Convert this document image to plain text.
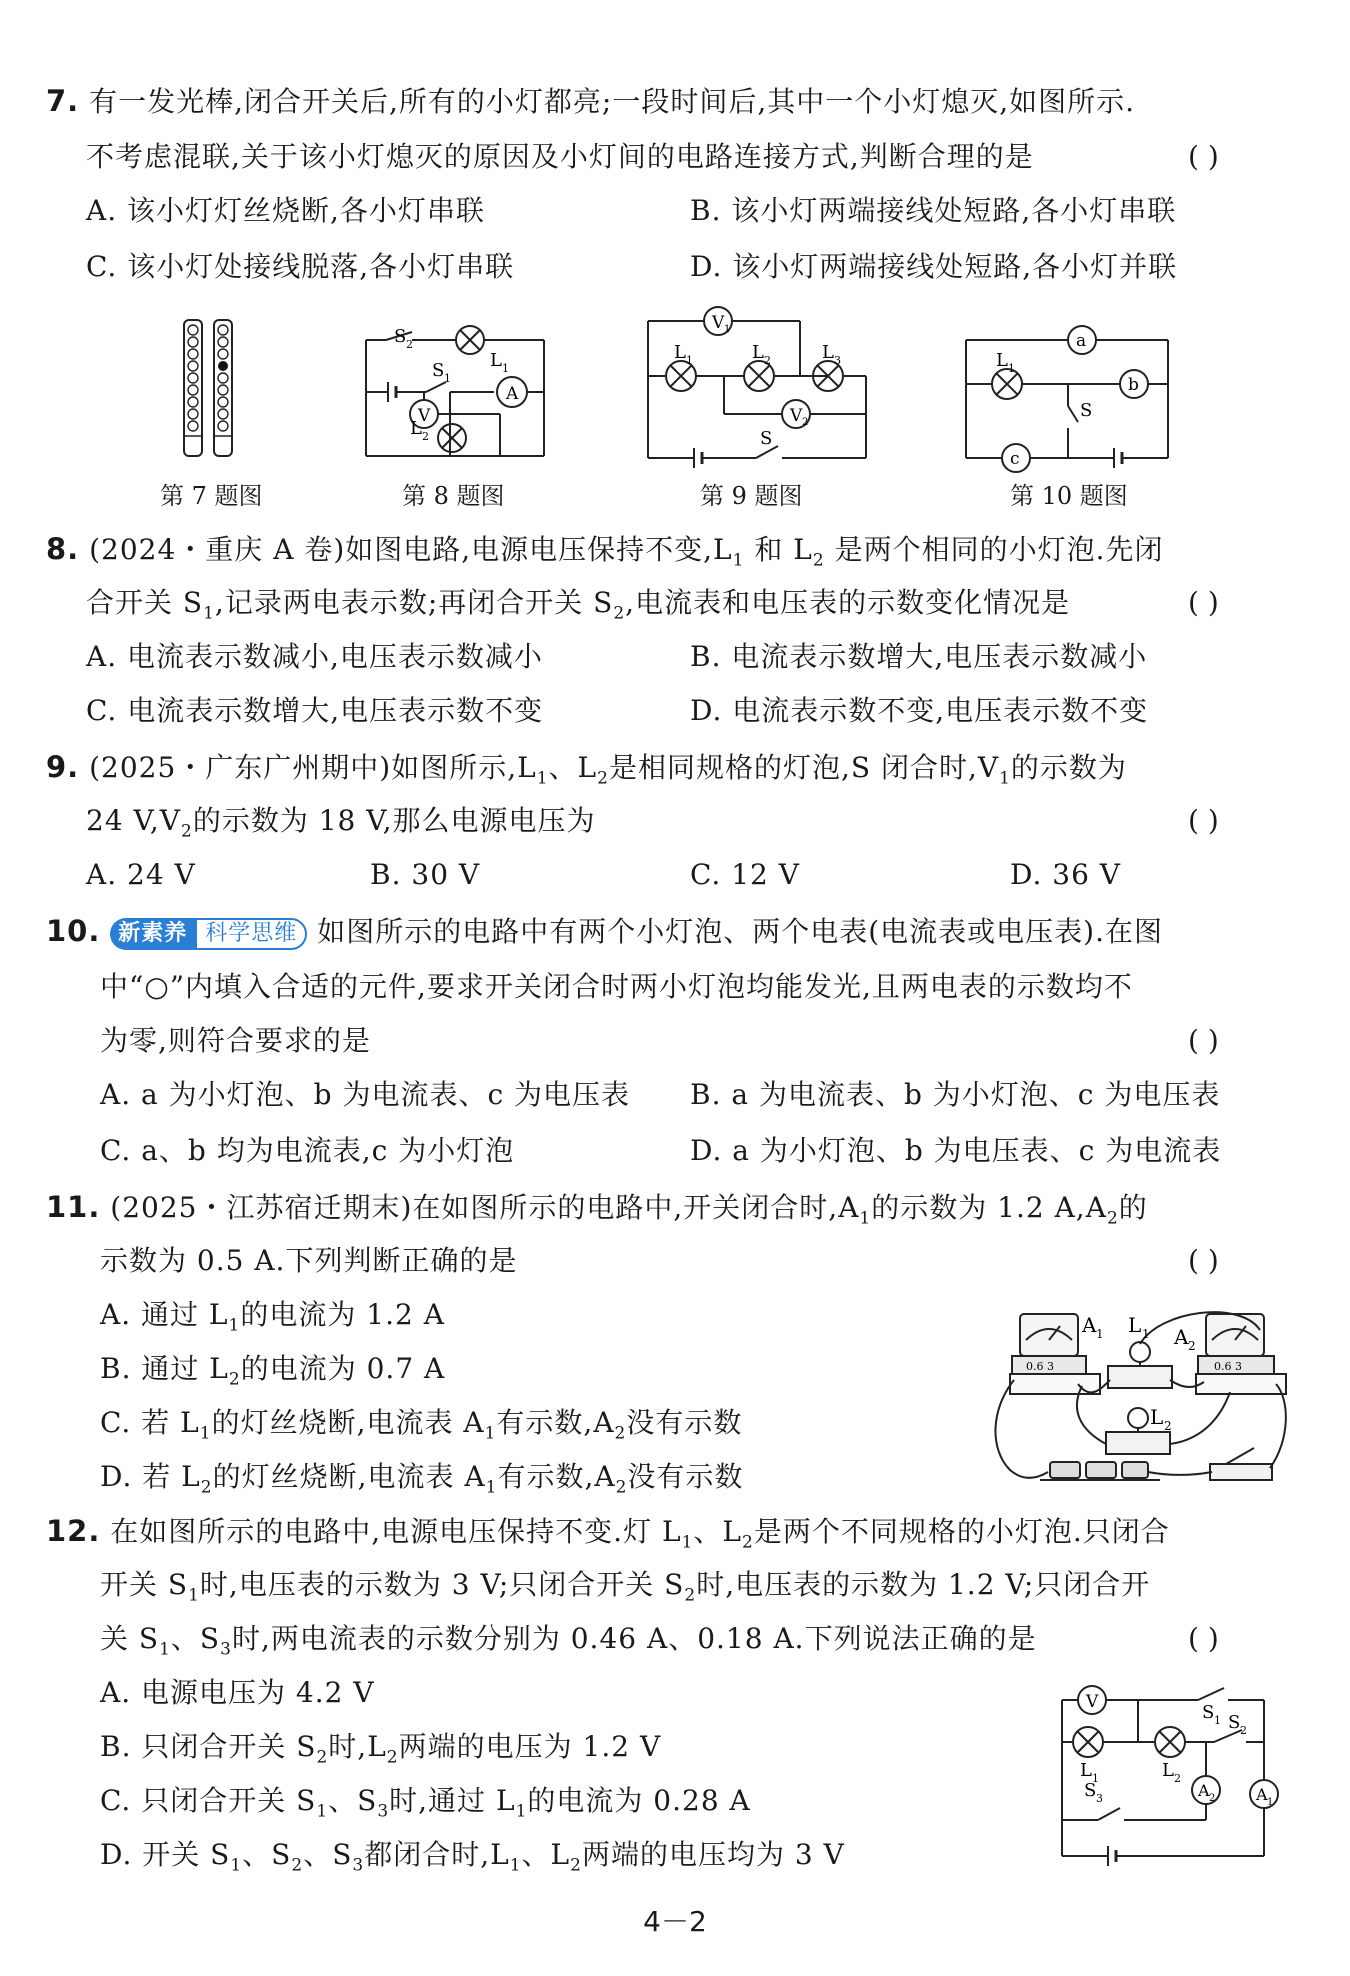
7. 有一发光棒,闭合开关后,所有的小灯都亮;一段时间后,其中一个小灯熄灭,如图所示.
不考虑混联,关于该小灯熄灭的原因及小灯间的电路连接方式,判断合理的是	( )
A. 该小灯灯丝烧断,各小灯串联	B. 该小灯两端接线处短路,各小灯串联
C. 该小灯处接线脱落,各小灯串联	D. 该小灯两端接线处短路,各小灯并联
第 7 题图
S 2
S 1
L 1
A
V
L 2
第 8 题图
V 1
L 1	L 2	L 3
V 2
S
第 9 题图
a
b
c
L 1
S
第 10 题图
8. (2024・重庆 A 卷)如图电路,电源电压保持不变$,L_1$ 和 $L_2$ 是两个相同的小灯泡.先闭
合开关 $S_1$,记录两电表示数;再闭合开关 $S_2$,电流表和电压表的示数变化情况是	( )
A. 电流表示数减小,电压表示数减小	B. 电流表示数增大,电压表示数减小
C. 电流表示数增大,电压表示数不变	D. 电流表示数不变,电压表示数不变
9. (2025・广东广州期中)如图所示$,L_1$、$L_2$是相同规格的灯泡,S 闭合时$,V_1$的示数为
24 $V,V_2$的示数为 18 V,那么电源电压为	( )
A. 24 V	B. 30 V	C. 12 V	D. 36 V
10. 新素养 科学思维 如图所示的电路中有两个小灯泡、两个电表(电流表或电压表).在图
中“○”内填入合适的元件,要求开关闭合时两小灯泡均能发光,且两电表的示数均不
为零,则符合要求的是	( )
A. a 为小灯泡、b 为电流表、c 为电压表 B. a 为电流表、b 为小灯泡、c 为电压表
C. a、b 均为电流表,c 为小灯泡	D. a 为小灯泡、b 为电压表、c 为电流表
11. (2025・江苏宿迁期末)在如图所示的电路中,开关闭合时$,A_1$的示数为 1.2 $A,A_2$的
示数为 0.5 A.下列判断正确的是	( )
A. 通过 $L_1$的电流为 1.2 A
B. 通过 $L_2$的电流为 0.7 A
C. 若 $L_1$的灯丝烧断,电流表 $A_1$有示数$,A_2$没有示数
D. 若 $L_2$的灯丝烧断,电流表 $A_1$有示数$,A_2$没有示数
A 1 L 1 A 2
L 2
0.6 3	0.6 3
12. 在如图所示的电路中,电源电压保持不变.灯 $L_1$、$L_2$是两个不同规格的小灯泡.只闭合
开关 $S_1$时,电压表的示数为 3 V;只闭合开关 $S_2$时,电压表的示数为 1.2 V;只闭合开
关 $S_1$、$S_3$时,两电流表的示数分别为 0.46 A、0.18 A.下列说法正确的是	( )
A. 电源电压为 4.2 V
B. 只闭合开关 $S_2$时$,L_2$两端的电压为 1.2 V
C. 只闭合开关 $S_1$、$S_3$时,通过 $L_1$的电流为 0.28 A
D. 开关 $S_1$、$S_2$、$S_3$都闭合时$,L_1$、$L_2$两端的电压均为 3 V
V	S 1 S 2
L 1	L 2
S 3	A 2	A 1
4－2
